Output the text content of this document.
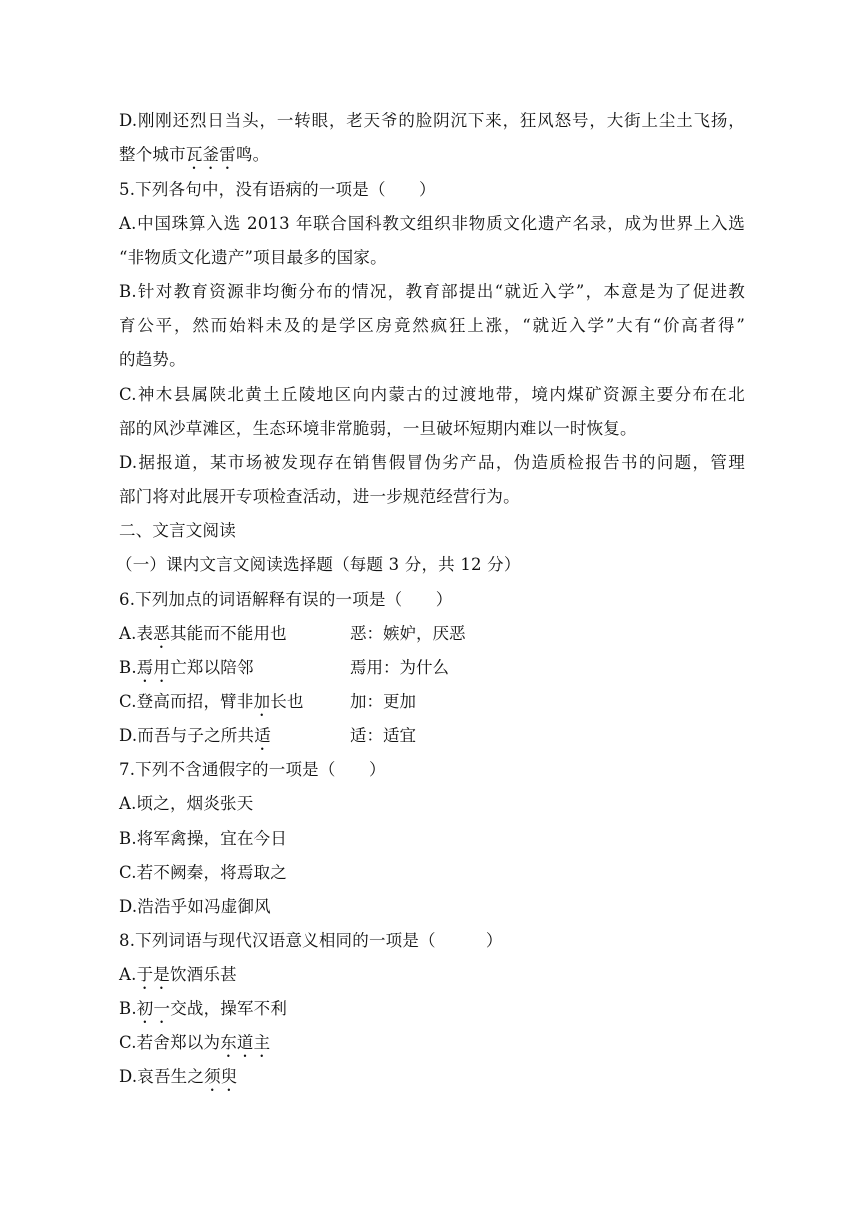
D.刚刚还烈日当头，一转眼，老天爷的脸阴沉下来，狂风怒号，大街上尘土飞扬，
整个城市瓦釜雷鸣。
5.下列各句中，没有语病的一项是（　　）
A.中国珠算入选 2013 年联合国科教文组织非物质文化遗产名录，成为世界上入选
“非物质文化遗产”项目最多的国家。
B.针对教育资源非均衡分布的情况，教育部提出“就近入学”，本意是为了促进教
育公平，然而始料未及的是学区房竟然疯狂上涨，“就近入学”大有“价高者得”
的趋势。
C.神木县属陕北黄土丘陵地区向内蒙古的过渡地带，境内煤矿资源主要分布在北
部的风沙草滩区，生态环境非常脆弱，一旦破坏短期内难以一时恢复。
D.据报道，某市场被发现存在销售假冒伪劣产品，伪造质检报告书的问题，管理
部门将对此展开专项检查活动，进一步规范经营行为。
二、文言文阅读
（一）课内文言文阅读选择题（每题 3 分，共 12 分）
6.下列加点的词语解释有误的一项是（　　）
A.表恶其能而不能用也	恶：嫉妒，厌恶
B.焉用亡郑以陪邻	焉用：为什么
C.登高而招，臂非加长也	加：更加
D.而吾与子之所共适	适：适宜
7.下列不含通假字的一项是（　　）
A.顷之，烟炎张天
B.将军禽操，宜在今日
C.若不阙秦，将焉取之
D.浩浩乎如冯虚御风
8.下列词语与现代汉语意义相同的一项是（　　　）
A.于是饮酒乐甚
B.初一交战，操军不利
C.若舍郑以为东道主
D.哀吾生之须臾
